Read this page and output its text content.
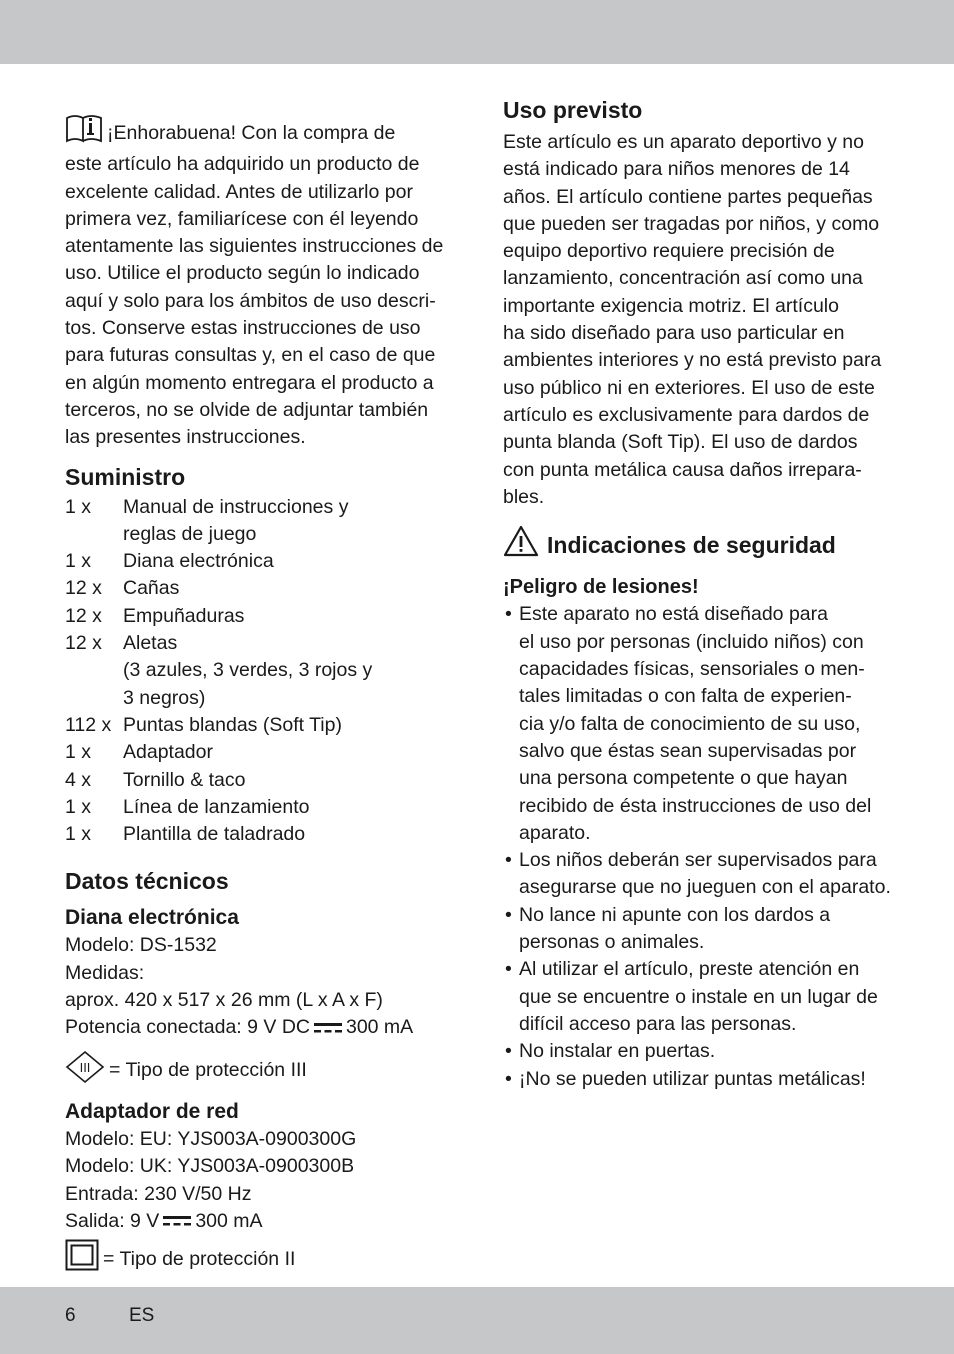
6	ES
¡Enhorabuena! Con la compra de
este artículo ha adquirido un producto de
excelente calidad. Antes de utilizarlo por
primera vez, familiarícese con él leyendo
atentamente las siguientes instrucciones de
uso. Utilice el producto según lo indicado
aquí y solo para los ámbitos de uso descri-
tos. Conserve estas instrucciones de uso
para futuras consultas y, en el caso de que
en algún momento entregara el producto a
terceros, no se olvide de adjuntar también
las presentes instrucciones.
Suministro
1 x	Manual de instrucciones y
reglas de juego
1 x	Diana electrónica
12 x	Cañas
12 x	Empuñaduras
12 x	Aletas
(3 azules, 3 verdes, 3 rojos y
3 negros)
112 x Puntas blandas (Soft Tip)
1 x	Adaptador
4 x	Tornillo & taco
1 x	Línea de lanzamiento
1 x	Plantilla de taladrado
Datos técnicos
Diana electrónica
Modelo: DS-1532
Medidas:
aprox. 420 x 517 x 26 mm (L x A x F)
Potencia conectada: 9 V DC 300 mA
III = Tipo de protección III
Adaptador de red
Modelo: EU: YJS003A-0900300G
Modelo: UK: YJS003A-0900300B
Entrada: 230 V/50 Hz
Salida: 9 V 300 mA
= Tipo de protección II
Uso previsto
Este artículo es un aparato deportivo y no
está indicado para niños menores de 14
años. El artículo contiene partes pequeñas
que pueden ser tragadas por niños, y como
equipo deportivo requiere precisión de
lanzamiento, concentración así como una
importante exigencia motriz. El artículo
ha sido diseñado para uso particular en
ambientes interiores y no está previsto para
uso público ni en exteriores. El uso de este
artículo es exclusivamente para dardos de
punta blanda (Soft Tip). El uso de dardos
con punta metálica causa daños irrepara-
bles.
Indicaciones de seguridad
¡Peligro de lesiones!
• Este aparato no está diseñado para
el uso por personas (incluido niños) con
capacidades físicas, sensoriales o men-
tales limitadas o con falta de experien-
cia y/o falta de conocimiento de su uso,
salvo que éstas sean supervisadas por
una persona competente o que hayan
recibido de ésta instrucciones de uso del
aparato.
• Los niños deberán ser supervisados para
asegurarse que no jueguen con el aparato.
• No lance ni apunte con los dardos a
personas o animales.
• Al utilizar el artículo, preste atención en
que se encuentre o instale en un lugar de
difícil acceso para las personas.
• No instalar en puertas.
• ¡No se pueden utilizar puntas metálicas!
